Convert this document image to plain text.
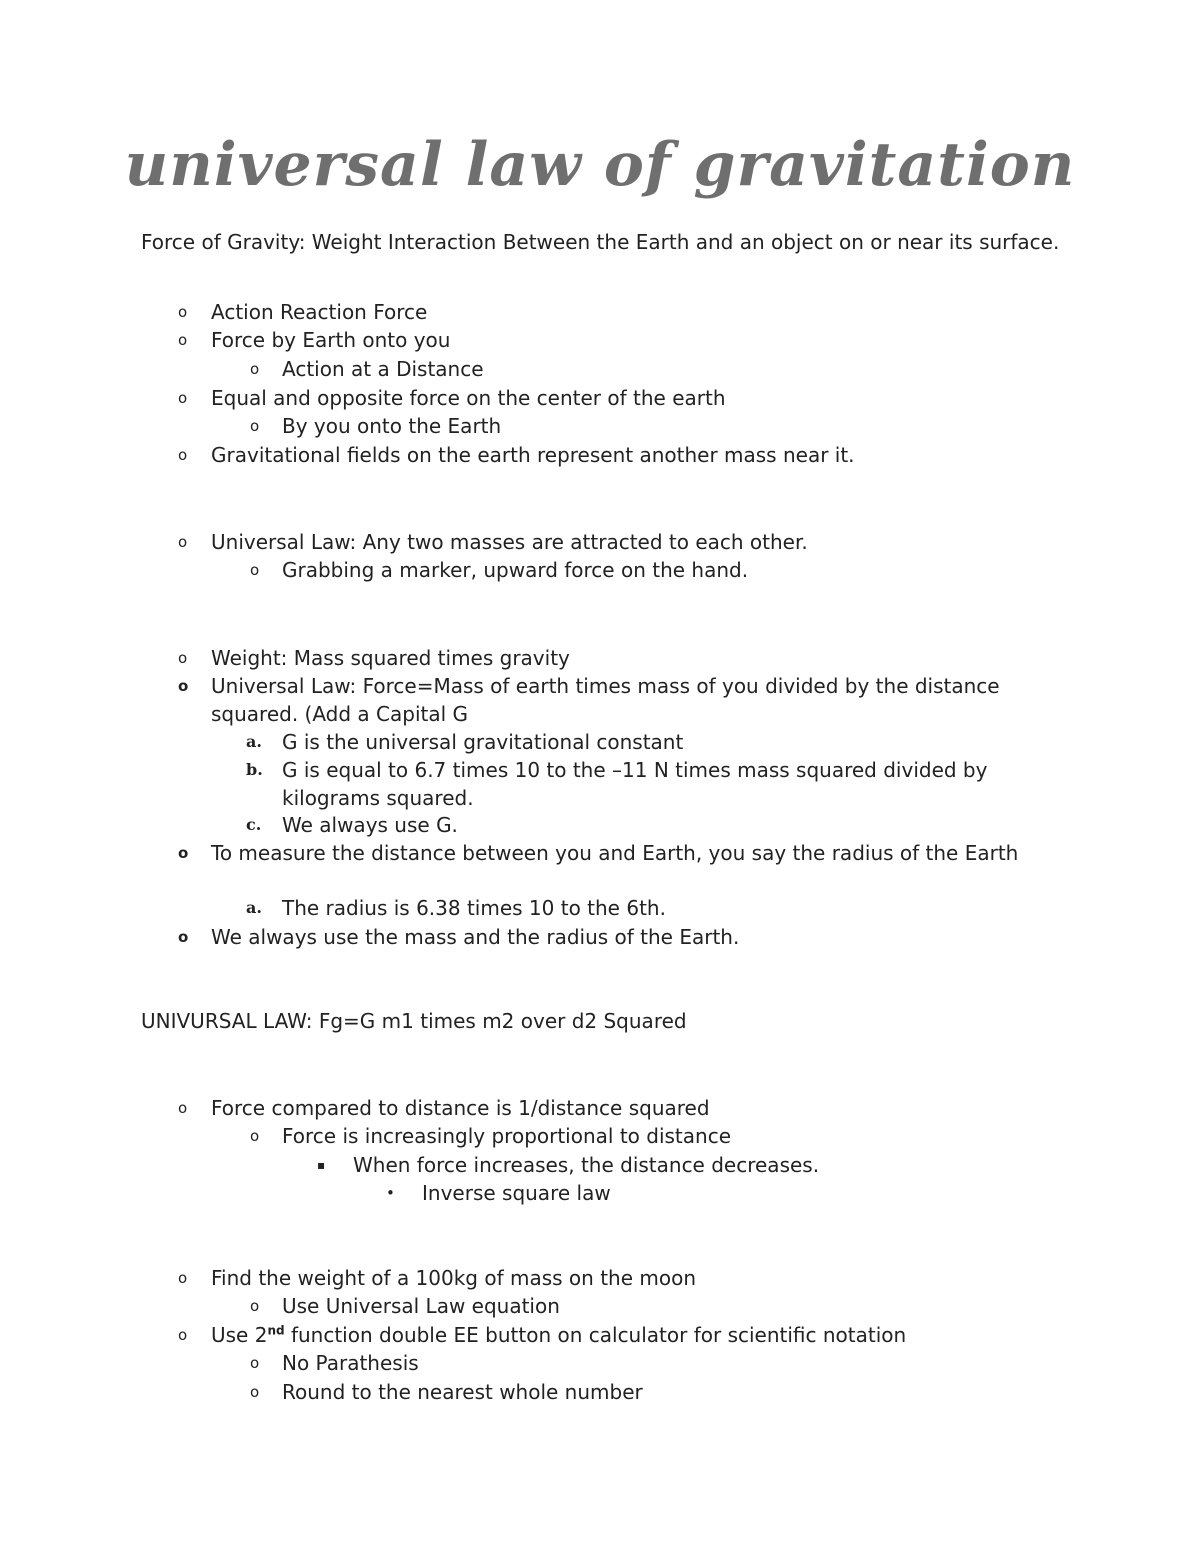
universal law of gravitation
Force of Gravity: Weight Interaction Between the Earth and an object on or near its surface.
o Action Reaction Force
o Force by Earth onto you
o Action at a Distance
o Equal and opposite force on the center of the earth
o By you onto the Earth
o Gravitational fields on the earth represent another mass near it.
o Universal Law: Any two masses are attracted to each other.
o Grabbing a marker, upward force on the hand.
o Weight: Mass squared times gravity
o Universal Law: Force=Mass of earth times mass of you divided by the distance squared. (Add a Capital G
a. G is the universal gravitational constant
b. G is equal to 6.7 times 10 to the –11 N times mass squared divided by kilograms squared.
c. We always use G.
o To measure the distance between you and Earth, you say the radius of the Earth
a. The radius is 6.38 times 10 to the 6th.
o We always use the mass and the radius of the Earth.
UNIVURSAL LAW: Fg=G m1 times m2 over d2 Squared
o Force compared to distance is 1/distance squared
o Force is increasingly proportional to distance
▪ When force increases, the distance decreases.
• Inverse square law
o Find the weight of a 100kg of mass on the moon
o Use Universal Law equation
o Use 2nd function double EE button on calculator for scientific notation
o No Parathesis
o Round to the nearest whole number
